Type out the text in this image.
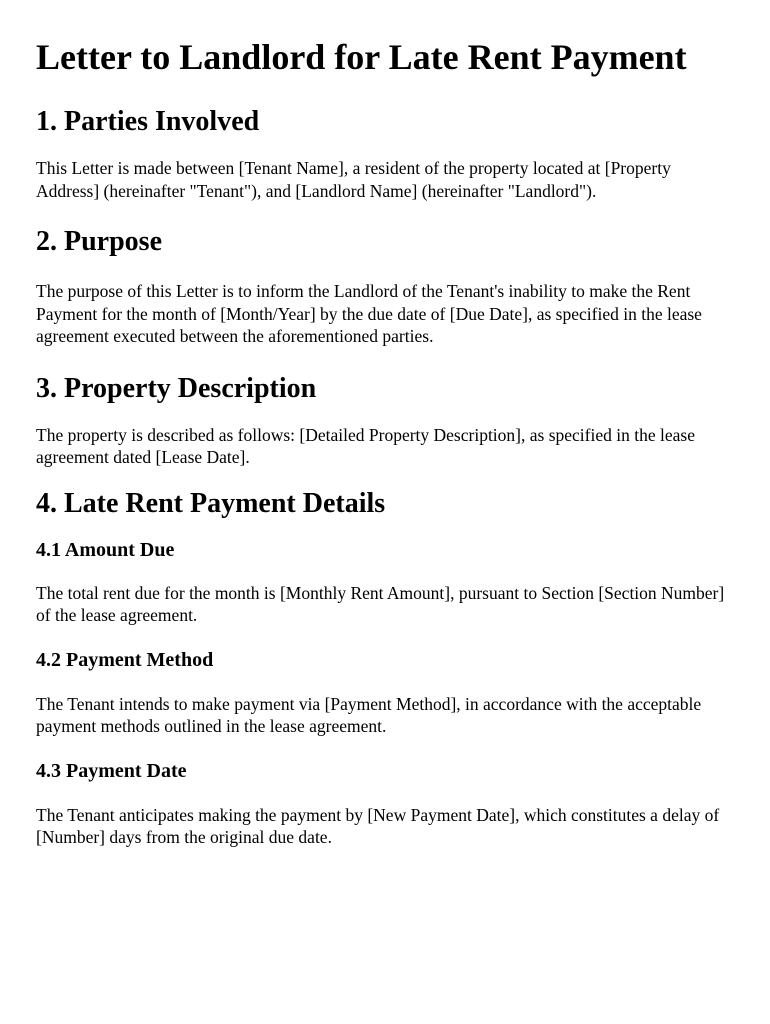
Letter to Landlord for Late Rent Payment
1. Parties Involved

This Letter is made between [Tenant Name], a resident of the property located at [Property Address] (hereinafter "Tenant"), and [Landlord Name] (hereinafter "Landlord").

2. Purpose

The purpose of this Letter is to inform the Landlord of the Tenant's inability to make the Rent Payment for the month of [Month/Year] by the due date of [Due Date], as specified in the lease agreement executed between the aforementioned parties.

3. Property Description

The property is described as follows: [Detailed Property Description], as specified in the lease agreement dated [Lease Date].

4. Late Rent Payment Details
4.1 Amount Due

The total rent due for the month is [Monthly Rent Amount], pursuant to Section [Section Number] of the lease agreement.

4.2 Payment Method

The Tenant intends to make payment via [Payment Method], in accordance with the acceptable payment methods outlined in the lease agreement.

4.3 Payment Date

The Tenant anticipates making the payment by [New Payment Date], which constitutes a delay of [Number] days from the original due date.
